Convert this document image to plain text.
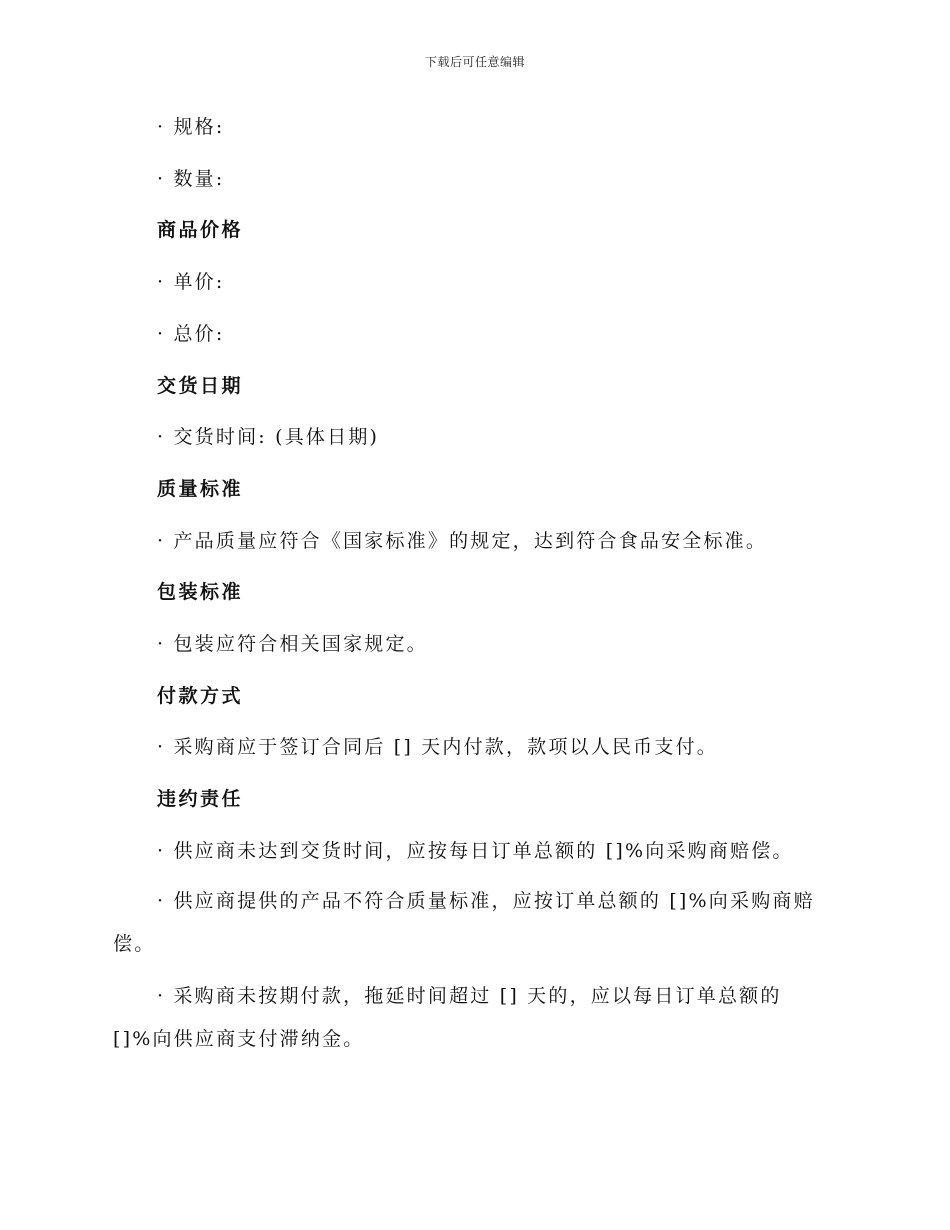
下载后可任意编辑
· 规格:
· 数量:
商品价格
· 单价:
· 总价:
交货日期
· 交货时间: (具体日期)
质量标准
· 产品质量应符合《国家标准》的规定，达到符合食品安全标准。
包装标准
· 包装应符合相关国家规定。
付款方式
· 采购商应于签订合同后 [] 天内付款，款项以人民币支付。
违约责任
· 供应商未达到交货时间，应按每日订单总额的 []%向采购商赔偿。
· 供应商提供的产品不符合质量标准，应按订单总额的 []%向采购商赔偿。
· 采购商未按期付款，拖延时间超过 [] 天的，应以每日订单总额的 []%向供应商支付滞纳金。
